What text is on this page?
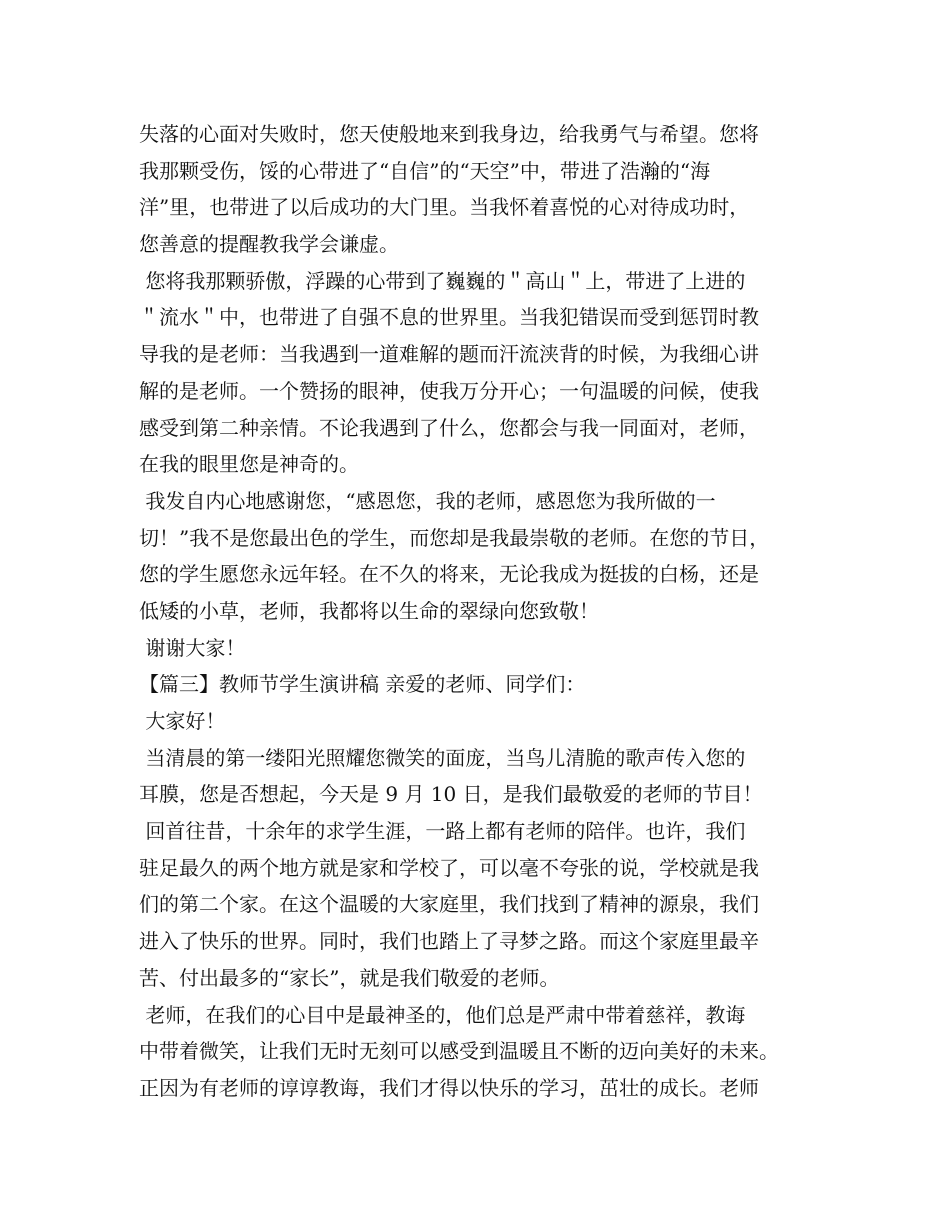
失落的心面对失败时，您天使般地来到我身边，给我勇气与希望。您将
我那颗受伤，馁的心带进了“自信”的“天空”中，带进了浩瀚的“海
洋”里，也带进了以后成功的大门里。当我怀着喜悦的心对待成功时，
您善意的提醒教我学会谦虚。
您将我那颗骄傲，浮躁的心带到了巍巍的＂高山＂上，带进了上进的
＂流水＂中，也带进了自强不息的世界里。当我犯错误而受到惩罚时教
导我的是老师：当我遇到一道难解的题而汗流浃背的时候，为我细心讲
解的是老师。一个赞扬的眼神，使我万分开心；一句温暖的问候，使我
感受到第二种亲情。不论我遇到了什么，您都会与我一同面对，老师，
在我的眼里您是神奇的。
我发自内心地感谢您，“感恩您，我的老师，感恩您为我所做的一
切！”我不是您最出色的学生，而您却是我最崇敬的老师。在您的节日，
您的学生愿您永远年轻。在不久的将来，无论我成为挺拔的白杨，还是
低矮的小草，老师，我都将以生命的翠绿向您致敬！
谢谢大家！
【篇三】教师节学生演讲稿 亲爱的老师、同学们：
大家好！
当清晨的第一缕阳光照耀您微笑的面庞，当鸟儿清脆的歌声传入您的
耳膜，您是否想起，今天是 9 月 10 日，是我们最敬爱的老师的节目！
回首往昔，十余年的求学生涯，一路上都有老师的陪伴。也许，我们
驻足最久的两个地方就是家和学校了，可以毫不夸张的说，学校就是我
们的第二个家。在这个温暖的大家庭里，我们找到了精神的源泉，我们
进入了快乐的世界。同时，我们也踏上了寻梦之路。而这个家庭里最辛
苦、付出最多的“家长”，就是我们敬爱的老师。
老师，在我们的心目中是最神圣的，他们总是严肃中带着慈祥，教诲
中带着微笑，让我们无时无刻可以感受到温暖且不断的迈向美好的未来。
正因为有老师的谆谆教诲，我们才得以快乐的学习，茁壮的成长。老师
